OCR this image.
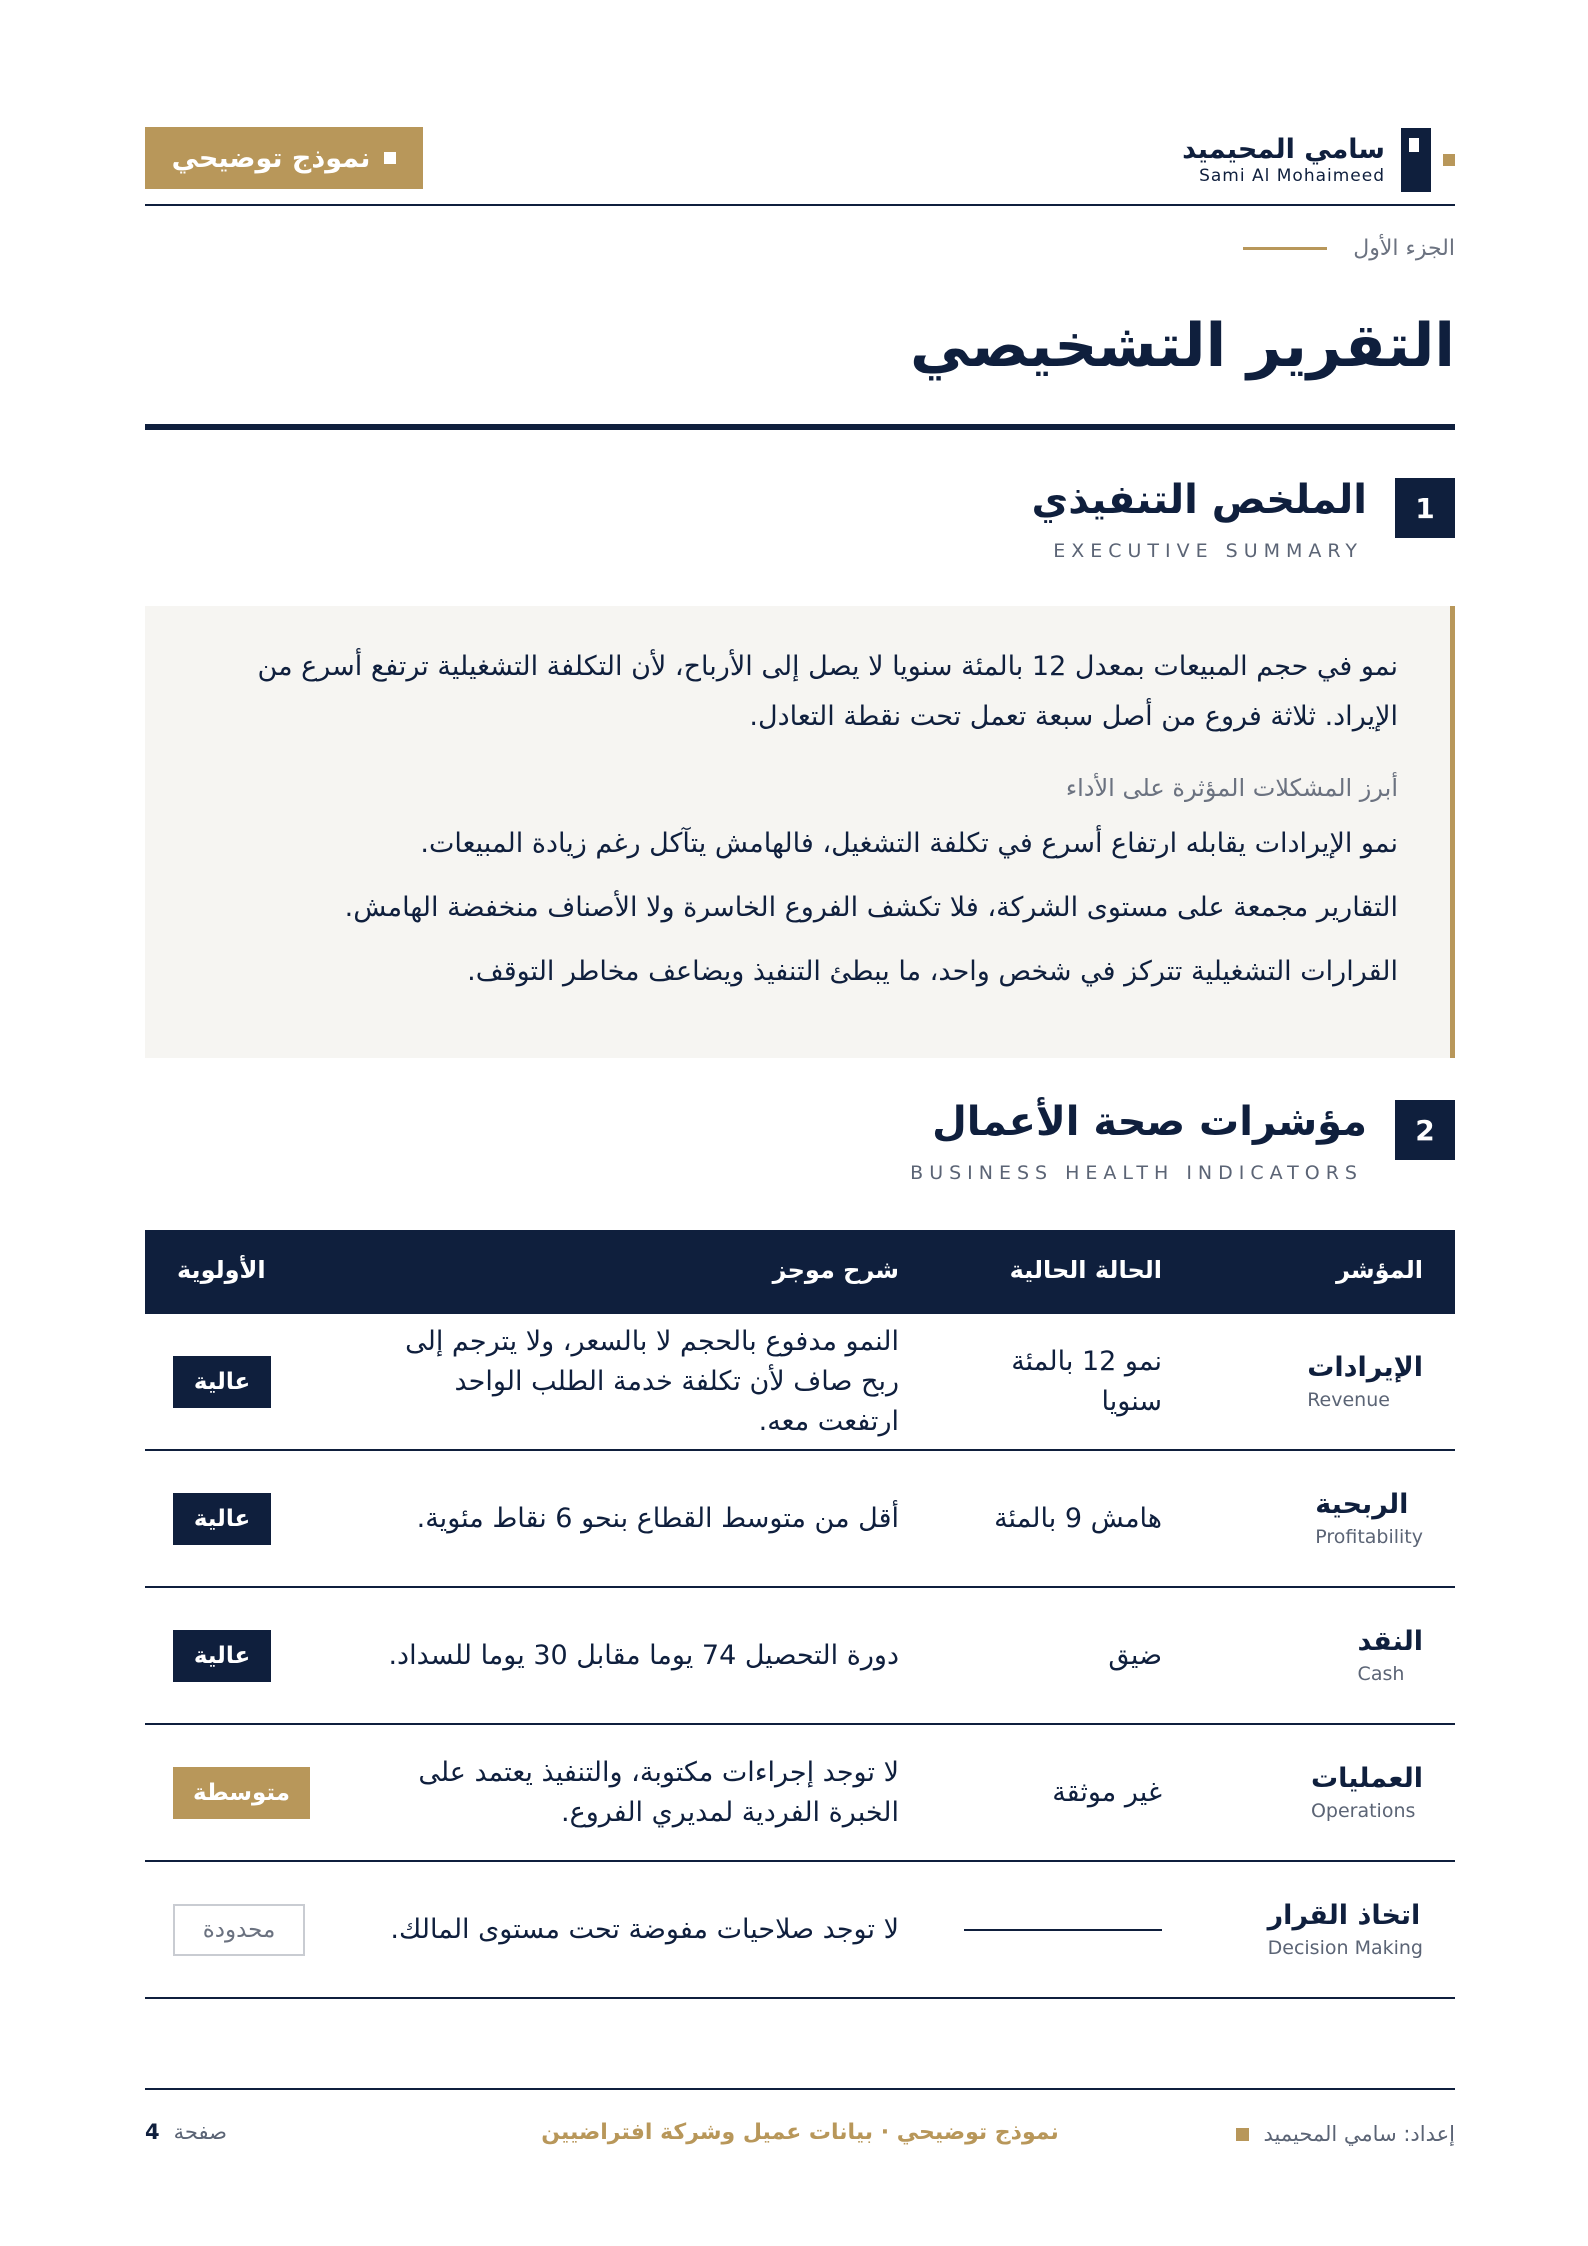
سامي المحيميد
Sami Al Mohaimeed
نموذج توضيحي
الجزء الأول
التقرير التشخيصي
1
الملخص التنفيذي
EXECUTIVE SUMMARY
نمو في حجم المبيعات بمعدل 12 بالمئة سنويا لا يصل إلى الأرباح، لأن التكلفة التشغيلية ترتفع أسرع من الإيراد. ثلاثة فروع من أصل سبعة تعمل تحت نقطة التعادل.
أبرز المشكلات المؤثرة على الأداء
نمو الإيرادات يقابله ارتفاع أسرع في تكلفة التشغيل، فالهامش يتآكل رغم زيادة المبيعات.
التقارير مجمعة على مستوى الشركة، فلا تكشف الفروع الخاسرة ولا الأصناف منخفضة الهامش.
القرارات التشغيلية تتركز في شخص واحد، ما يبطئ التنفيذ ويضاعف مخاطر التوقف.
2
مؤشرات صحة الأعمال
BUSINESS HEALTH INDICATORS
المؤشر
الحالة الحالية
شرح موجز
الأولوية
الإيرادات
Revenue
نمو 12 بالمئة سنويا
النمو مدفوع بالحجم لا بالسعر، ولا يترجم إلى ربح صاف لأن تكلفة خدمة الطلب الواحد ارتفعت معه.
عالية
الربحية
Profitability
هامش 9 بالمئة
أقل من متوسط القطاع بنحو 6 نقاط مئوية.
عالية
النقد
Cash
ضيق
دورة التحصيل 74 يوما مقابل 30 يوما للسداد.
عالية
العمليات
Operations
غير موثقة
لا توجد إجراءات مكتوبة، والتنفيذ يعتمد على الخبرة الفردية لمديري الفروع.
متوسطة
اتخاذ القرار
Decision Making
لا توجد صلاحيات مفوضة تحت مستوى المالك.
محدودة
إعداد: سامي المحيميد
نموذج توضيحي · بيانات عميل وشركة افتراضيين
صفحة
4
